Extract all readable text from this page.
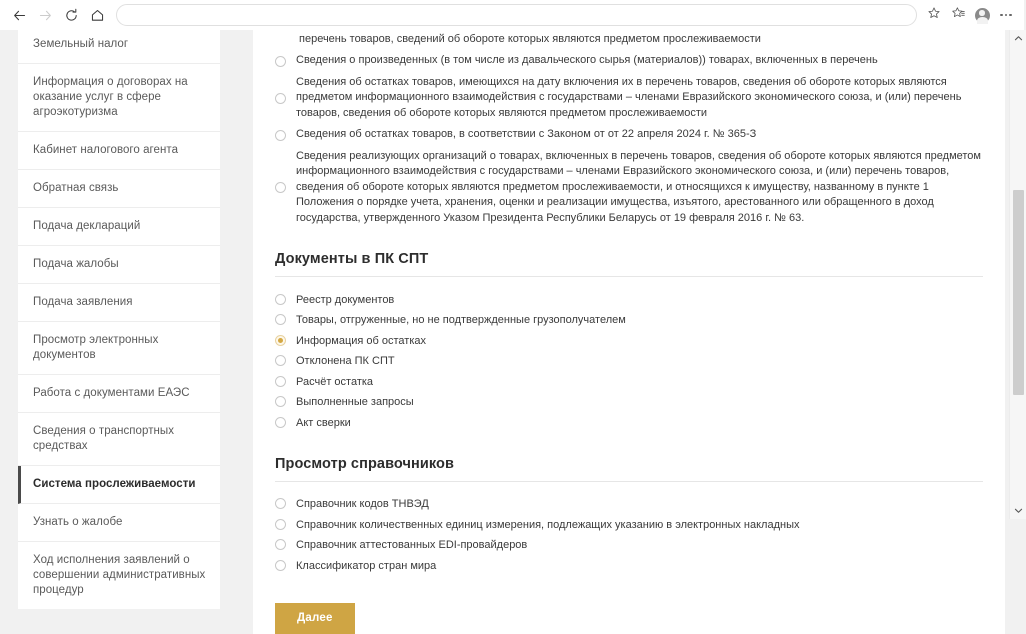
Земельный налог
Информация о договорах на оказание услуг в сфере агроэкотуризма
Кабинет налогового агента
Обратная связь
Подача деклараций
Подача жалобы
Подача заявления
Просмотр электронных документов
Работа с документами ЕАЭС
Сведения о транспортных средствах
Система прослеживаемости
Узнать о жалобе
Ход исполнения заявлений о совершении административных процедур
перечень товаров, сведений об обороте которых являются предметом прослеживаемости
Сведения о произведенных (в том числе из давальческого сырья (материалов)) товарах, включенных в перечень
Сведения об остатках товаров, имеющихся на дату включения их в перечень товаров, сведения об обороте которых являются предметом информационного взаимодействия с государствами – членами Евразийского экономического союза, и (или) перечень товаров, сведения об обороте которых являются предметом прослеживаемости
Сведения об остатках товаров, в соответствии с Законом от от 22 апреля 2024 г. № 365-З
Сведения реализующих организаций о товарах, включенных в перечень товаров, сведения об обороте которых являются предметом информационного взаимодействия с государствами – членами Евразийского экономического союза, и (или) перечень товаров, сведения об обороте которых являются предметом прослеживаемости, и относящихся к имуществу, названному в пункте 1 Положения о порядке учета, хранения, оценки и реализации имущества, изъятого, арестованного или обращенного в доход государства, утвержденного Указом Президента Республики Беларусь от 19 февраля 2016 г. № 63.
Документы в ПК СПТ
Реестр документов
Товары, отгруженные, но не подтвержденные грузополучателем
Информация об остатках
Отклонена ПК СПТ
Расчёт остатка
Выполненные запросы
Акт сверки
Просмотр справочников
Справочник кодов ТНВЭД
Справочник количественных единиц измерения, подлежащих указанию в электронных накладных
Справочник аттестованных EDI-провайдеров
Классификатор стран мира
Далее
